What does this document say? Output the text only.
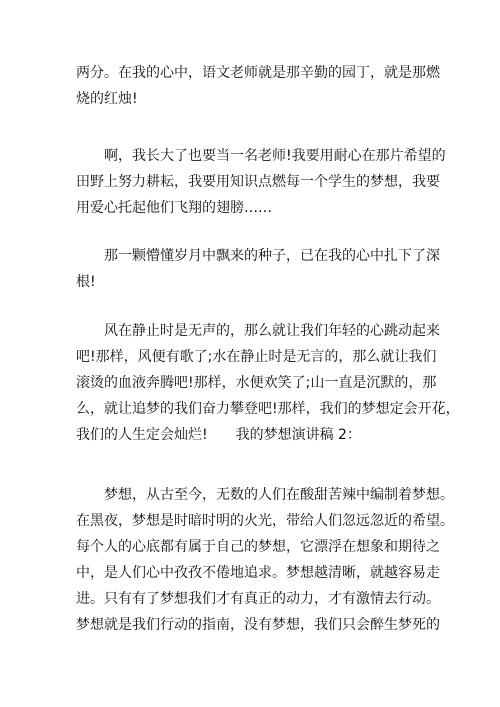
两分。在我的心中，语文老师就是那辛勤的园丁，就是那燃
烧的红烛!
啊，我长大了也要当一名老师!我要用耐心在那片希望的
田野上努力耕耘，我要用知识点燃每一个学生的梦想，我要
用爱心托起他们飞翔的翅膀……
那一颗懵懂岁月中飘来的种子，已在我的心中扎下了深
根!
风在静止时是无声的，那么就让我们年轻的心跳动起来
吧!那样，风便有歌了;水在静止时是无言的，那么就让我们
滚烫的血液奔腾吧!那样，水便欢笑了;山一直是沉默的，那
么，就让追梦的我们奋力攀登吧!那样，我们的梦想定会开花，
我们的人生定会灿烂!　　我的梦想演讲稿 2：
梦想，从古至今，无数的人们在酸甜苦辣中编制着梦想。
在黑夜，梦想是时暗时明的火光，带给人们忽远忽近的希望。
每个人的心底都有属于自己的梦想，它漂浮在想象和期待之
中，是人们心中孜孜不倦地追求。梦想越清晰，就越容易走
进。只有有了梦想我们才有真正的动力，才有激情去行动。
梦想就是我们行动的指南，没有梦想，我们只会醉生梦死的
